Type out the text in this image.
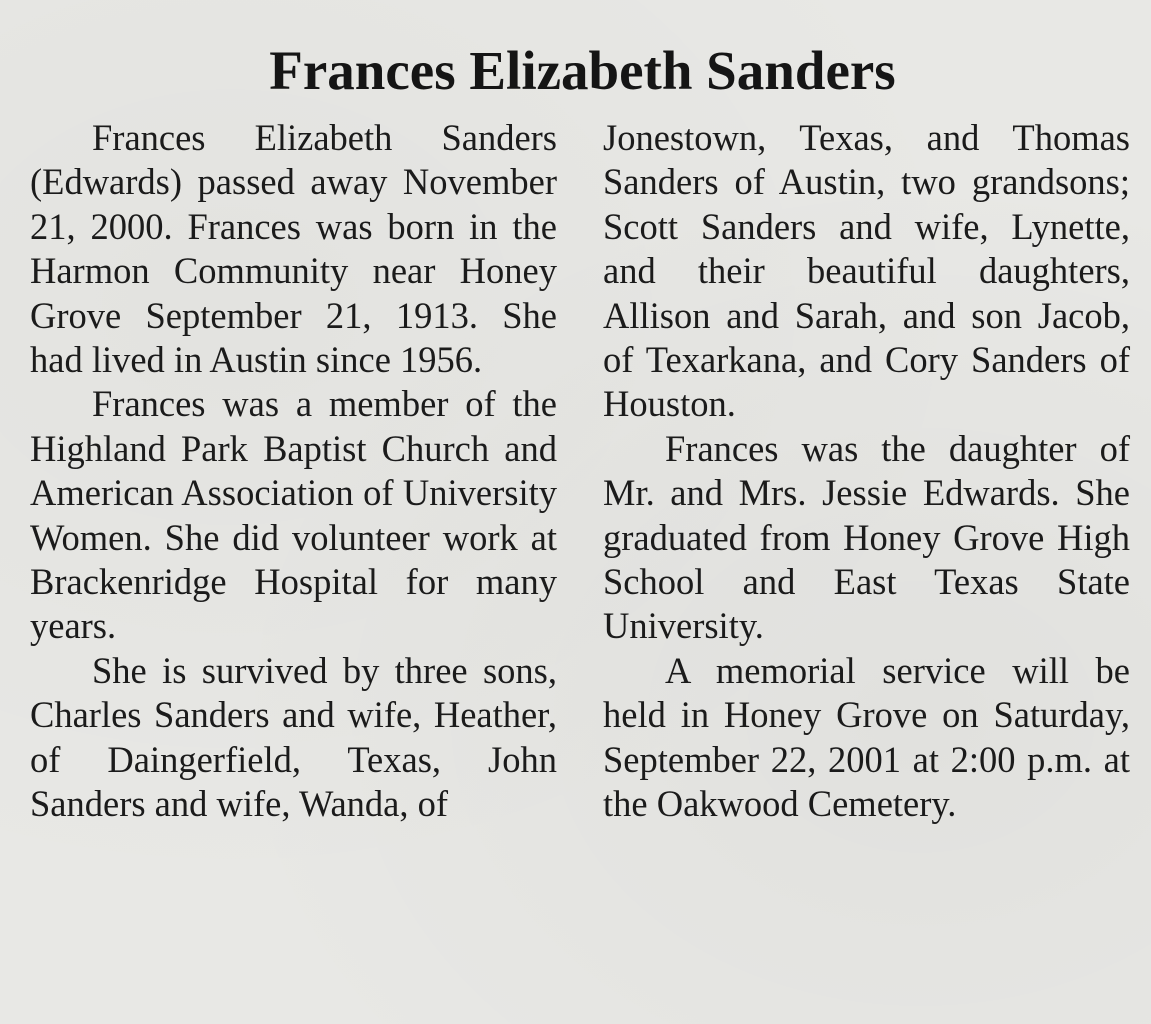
Frances Elizabeth Sanders

Frances Elizabeth Sanders (Edwards) passed away November 21, 2000. Frances was born in the Harmon Community near Honey Grove September 21, 1913. She had lived in Austin since 1956.

Frances was a member of the Highland Park Baptist Church and American Association of University Women. She did volunteer work at Brackenridge Hospital for many years.

She is survived by three sons, Charles Sanders and wife, Heather, of Daingerfield, Texas, John Sanders and wife, Wanda, of

Jonestown, Texas, and Thomas Sanders of Austin, two grandsons; Scott Sanders and wife, Lynette, and their beautiful daughters, Allison and Sarah, and son Jacob, of Texarkana, and Cory Sanders of Houston.

Frances was the daughter of Mr. and Mrs. Jessie Edwards. She graduated from Honey Grove High School and East Texas State University.

A memorial service will be held in Honey Grove on Saturday, September 22, 2001 at 2:00 p.m. at the Oakwood Cemetery.
